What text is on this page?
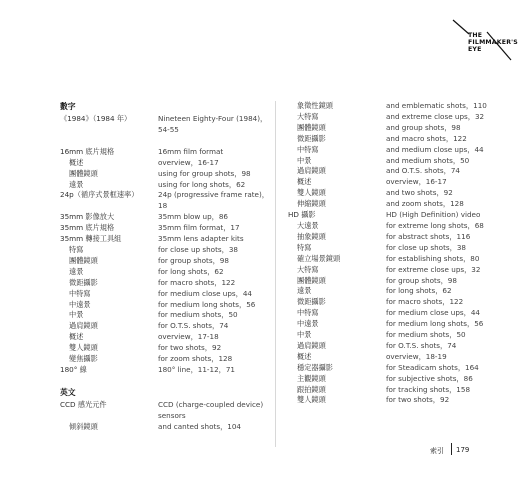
THE
FILMMAKER'S
EYE
數字
《1984》（1984 年）	Nineteen Eighty-Four (1984)，54-55
16mm 底片規格	16mm film format
概述	overview，16-17
團體鏡頭	using for group shots，98
遠景	using for long shots，62
24p（循序式景框速率）	24p (progressive frame rate)，18
35mm 影像放大	35mm blow up，86
35mm 底片規格	35mm film format，17
35mm 轉接工具組	35mm lens adapter kits
特寫	for close up shots，38
團體鏡頭	for group shots，98
遠景	for long shots，62
微距攝影	for macro shots，122
中特寫	for medium close ups，44
中遠景	for medium long shots，56
中景	for medium shots，50
過肩鏡頭	for O.T.S. shots，74
概述	overview，17-18
雙人鏡頭	for two shots，92
變焦攝影	for zoom shots，128
180° 線	180° line，11-12，71
英文
CCD 感光元件	CCD (charge-coupled device) sensors
傾斜鏡頭	and canted shots，104
象徵性鏡頭	and emblematic shots，110
大特寫	and extreme close ups，32
團體鏡頭	and group shots，98
微距攝影	and macro shots，122
中特寫	and medium close ups，44
中景	and medium shots，50
過肩鏡頭	and O.T.S. shots，74
概述	overview，16-17
雙人鏡頭	and two shots，92
伸縮鏡頭	and zoom shots，128
HD 攝影	HD (High Definition) video
大遠景	for extreme long shots，68
抽象鏡頭	for abstract shots，116
特寫	for close up shots，38
確立場景鏡頭	for establishing shots，80
大特寫	for extreme close ups，32
團體鏡頭	for group shots，98
遠景	for long shots，62
微距攝影	for macro shots，122
中特寫	for medium close ups，44
中遠景	for medium long shots，56
中景	for medium shots，50
過肩鏡頭	for O.T.S. shots，74
概述	overview，18-19
穩定器攝影	for Steadicam shots，164
主觀鏡頭	for subjective shots，86
跟拍鏡頭	for tracking shots，158
雙人鏡頭	for two shots，92
索引 179
